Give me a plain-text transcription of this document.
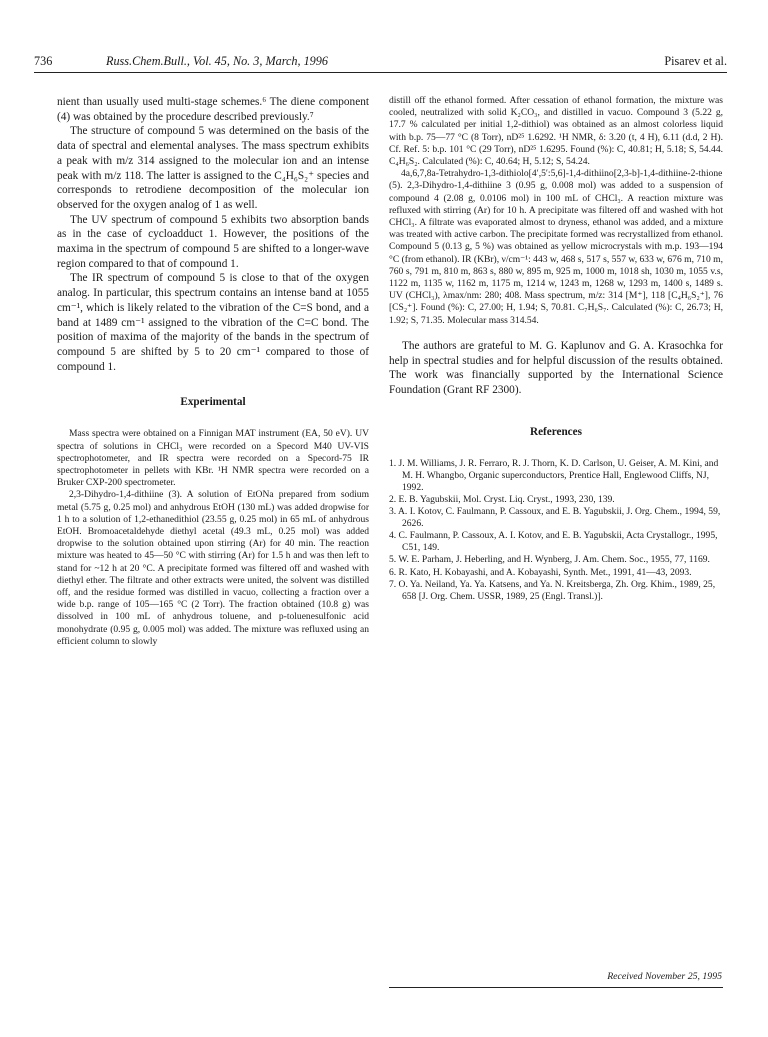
736	Russ.Chem.Bull., Vol. 45, No. 3, March, 1996	Pisarev et al.

nient than usually used multi-stage schemes.⁶ The diene component (4) was obtained by the procedure described previously.⁷

The structure of compound 5 was determined on the basis of the data of spectral and elemental analyses. The mass spectrum exhibits a peak with m/z 314 assigned to the molecular ion and an intense peak with m/z 118. The latter is assigned to the C₄H₆S₂⁺ species and corresponds to retrodiene decomposition of the molecular ion observed for the oxygen analog of 1 as well.

The UV spectrum of compound 5 exhibits two absorption bands as in the case of cycloadduct 1. However, the positions of the maxima in the spectrum of compound 5 are shifted to a longer-wave region compared to that of compound 1.

The IR spectrum of compound 5 is close to that of the oxygen analog. In particular, this spectrum contains an intense band at 1055 cm⁻¹, which is likely related to the vibration of the C=S bond, and a band at 1489 cm⁻¹ assigned to the vibration of the C=C bond. The position of maxima of the majority of the bands in the spectrum of compound 5 are shifted by 5 to 20 cm⁻¹ compared to those of compound 1.

Experimental

Mass spectra were obtained on a Finnigan MAT instrument (EA, 50 eV). UV spectra of solutions in CHCl₃ were recorded on a Specord M40 UV-VIS spectrophotometer, and IR spectra were recorded on a Specord-75 IR spectrophotometer in pellets with KBr. ¹H NMR spectra were recorded on a Bruker CXP-200 spectrometer.

2,3-Dihydro-1,4-dithiine (3). A solution of EtONa prepared from sodium metal (5.75 g, 0.25 mol) and anhydrous EtOH (130 mL) was added dropwise for 1 h to a solution of 1,2-ethanedithiol (23.55 g, 0.25 mol) in 65 mL of anhydrous EtOH. Bromoacetaldehyde diethyl acetal (49.3 mL, 0.25 mol) was added dropwise to the solution obtained upon stirring (Ar) for 40 min. The reaction mixture was heated to 45—50 °C with stirring (Ar) for 1.5 h and was then left to stand for ~12 h at 20 °C. A precipitate formed was filtered off and washed with diethyl ether. The filtrate and other extracts were united, the solvent was distilled off, and the residue formed was distilled in vacuo, collecting a fraction over a wide b.p. range of 105—165 °C (2 Torr). The fraction obtained (10.8 g) was dissolved in 100 mL of anhydrous toluene, and p-toluenesulfonic acid monohydrate (0.95 g, 0.005 mol) was added. The mixture was refluxed using an efficient column to slowly

distill off the ethanol formed. After cessation of ethanol formation, the mixture was cooled, neutralized with solid K₂CO₃, and distilled in vacuo. Compound 3 (5.22 g, 17.7 % calculated per initial 1,2-dithiol) was obtained as an almost colorless liquid with b.p. 75—77 °C (8 Torr), nD²⁵ 1.6292. ¹H NMR, δ: 3.20 (t, 4 H), 6.11 (d.d, 2 H). Cf. Ref. 5: b.p. 101 °C (29 Torr), nD²⁵ 1.6295. Found (%): C, 40.81; H, 5.18; S, 54.44. C₄H₆S₂. Calculated (%): C, 40.64; H, 5.12; S, 54.24.

4a,6,7,8a-Tetrahydro-1,3-dithiolo[4′,5′:5,6]-1,4-dithiino[2,3-b]-1,4-dithiine-2-thione (5). 2,3-Dihydro-1,4-dithiine 3 (0.95 g, 0.008 mol) was added to a suspension of compound 4 (2.08 g, 0.0106 mol) in 100 mL of CHCl₃. A reaction mixture was refluxed with stirring (Ar) for 10 h. A precipitate was filtered off and washed with hot CHCl₃. A filtrate was evaporated almost to dryness, ethanol was added, and a mixture was treated with active carbon. The precipitate formed was recrystallized from ethanol. Compound 5 (0.13 g, 5 %) was obtained as yellow microcrystals with m.p. 193—194 °C (from ethanol). IR (KBr), ν/cm⁻¹: 443 w, 468 s, 517 s, 557 w, 633 w, 676 m, 710 m, 760 s, 791 m, 810 m, 863 s, 880 w, 895 m, 925 m, 1000 m, 1018 sh, 1030 m, 1055 v.s, 1122 m, 1135 w, 1162 m, 1175 m, 1214 w, 1243 m, 1268 w, 1293 m, 1400 s, 1489 s. UV (CHCl₃), λmax/nm: 280; 408. Mass spectrum, m/z: 314 [M⁺], 118 [C₄H₆S₂⁺], 76 [CS₂⁺]. Found (%): C, 27.00; H, 1.94; S, 70.81. C₇H₆S₇. Calculated (%): C, 26.73; H, 1.92; S, 71.35. Molecular mass 314.54.

The authors are grateful to M. G. Kaplunov and G. A. Krasochka for help in spectral studies and for helpful discussion of the results obtained. The work was financially supported by the International Science Foundation (Grant RF 2300).

References
1. J. M. Williams, J. R. Ferraro, R. J. Thorn, K. D. Carlson, U. Geiser, A. M. Kini, and M. H. Whangbo, Organic superconductors, Prentice Hall, Englewood Cliffs, NJ, 1992.
2. E. B. Yagubskii, Mol. Cryst. Liq. Cryst., 1993, 230, 139.
3. A. I. Kotov, C. Faulmann, P. Cassoux, and E. B. Yagubskii, J. Org. Chem., 1994, 59, 2626.
4. C. Faulmann, P. Cassoux, A. I. Kotov, and E. B. Yagubskii, Acta Crystallogr., 1995, C51, 149.
5. W. E. Parham, J. Heberling, and H. Wynberg, J. Am. Chem. Soc., 1955, 77, 1169.
6. R. Kato, H. Kobayashi, and A. Kobayashi, Synth. Met., 1991, 41—43, 2093.
7. O. Ya. Neiland, Ya. Ya. Katsens, and Ya. N. Kreitsberga, Zh. Org. Khim., 1989, 25, 658 [J. Org. Chem. USSR, 1989, 25 (Engl. Transl.)].
Received November 25, 1995
